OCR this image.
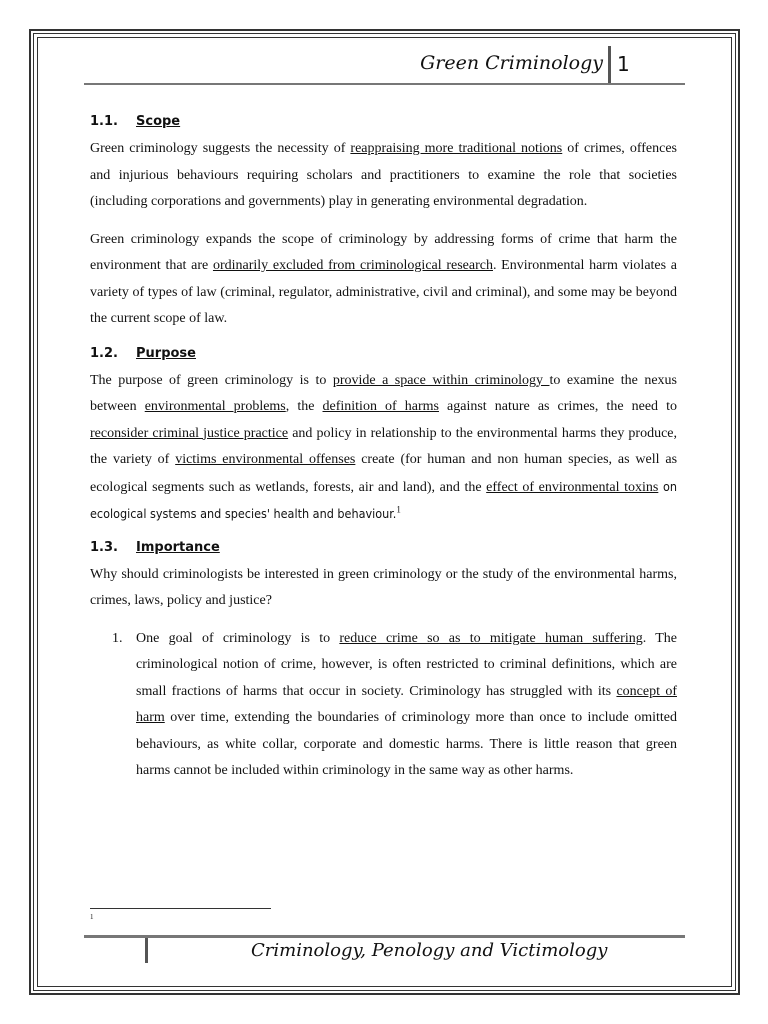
Green Criminology 1
1.1. Scope

Green criminology suggests the necessity of reappraising more traditional notions of crimes, offences and injurious behaviours requiring scholars and practitioners to examine the role that societies (including corporations and governments) play in generating environmental degradation.

Green criminology expands the scope of criminology by addressing forms of crime that harm the environment that are ordinarily excluded from criminological research. Environmental harm violates a variety of types of law (criminal, regulator, administrative, civil and criminal), and some may be beyond the current scope of law.

1.2. Purpose

The purpose of green criminology is to provide a space within criminology to examine the nexus between environmental problems, the definition of harms against nature as crimes, the need to reconsider criminal justice practice and policy in relationship to the environmental harms they produce, the variety of victims environmental offenses create (for human and non human species, as well as ecological segments such as wetlands, forests, air and land), and the effect of environmental toxins on ecological systems and species' health and behaviour.$^1$

1.3. Importance

Why should criminologists be interested in green criminology or the study of the environmental harms, crimes, laws, policy and justice?

1. One goal of criminology is to reduce crime so as to mitigate human suffering. The criminological notion of crime, however, is often restricted to criminal definitions, which are small fractions of harms that occur in society. Criminology has struggled with its concept of harm over time, extending the boundaries of criminology more than once to include omitted behaviours, as white collar, corporate and domestic harms. There is little reason that green harms cannot be included within criminology in the same way as other harms.
1
Criminology, Penology and Victimology
